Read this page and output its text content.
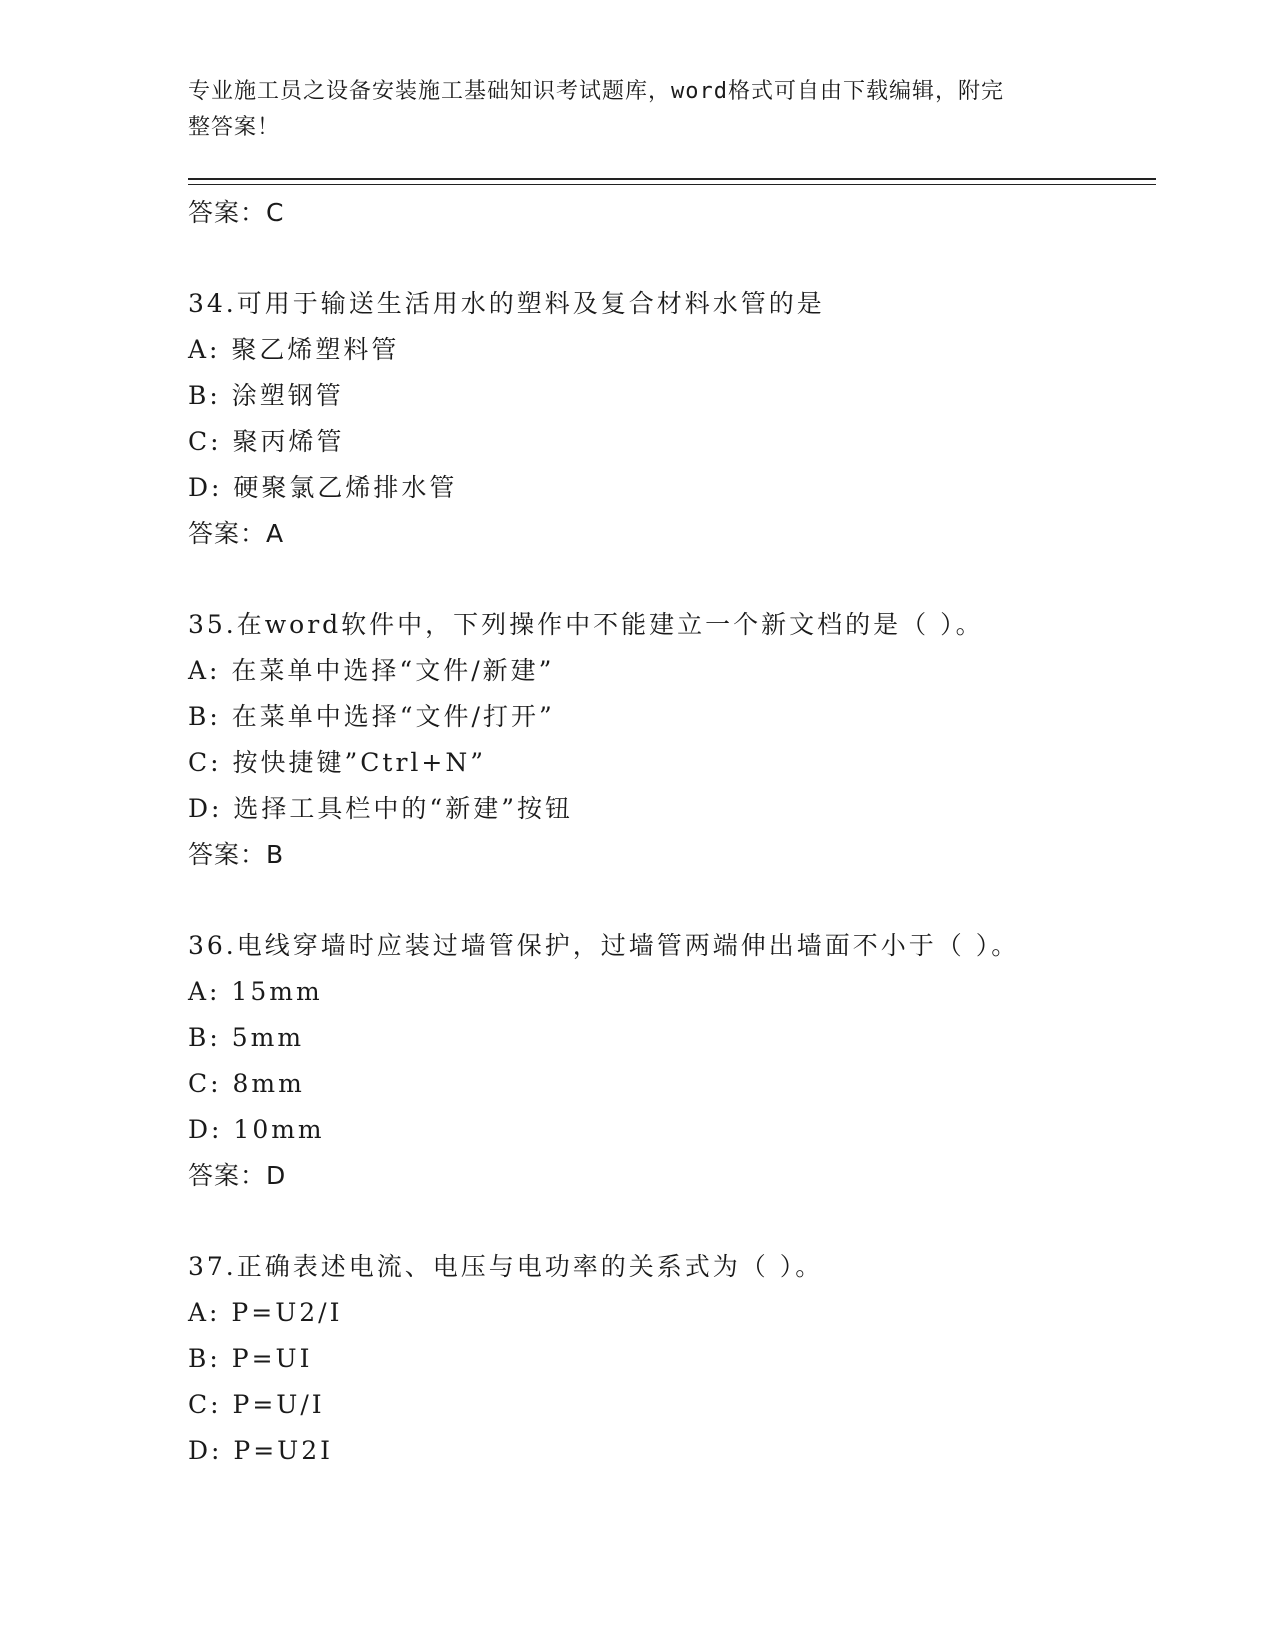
专业施工员之设备安装施工基础知识考试题库，word格式可自由下载编辑，附完
整答案！
答案：C
34.可用于输送生活用水的塑料及复合材料水管的是
A: 聚乙烯塑料管
B: 涂塑钢管
C: 聚丙烯管
D: 硬聚氯乙烯排水管
答案：A
35.在word软件中，下列操作中不能建立一个新文档的是（ ）。
A: 在菜单中选择“文件/新建”
B: 在菜单中选择“文件/打开”
C: 按快捷键”Ctrl+N”
D: 选择工具栏中的“新建”按钮
答案：B
36.电线穿墙时应装过墙管保护，过墙管两端伸出墙面不小于（ ）。
A: 15mm
B: 5mm
C: 8mm
D: 10mm
答案：D
37.正确表述电流、电压与电功率的关系式为（ ）。
A: P=U2/I
B: P=UI
C: P=U/I
D: P=U2I
